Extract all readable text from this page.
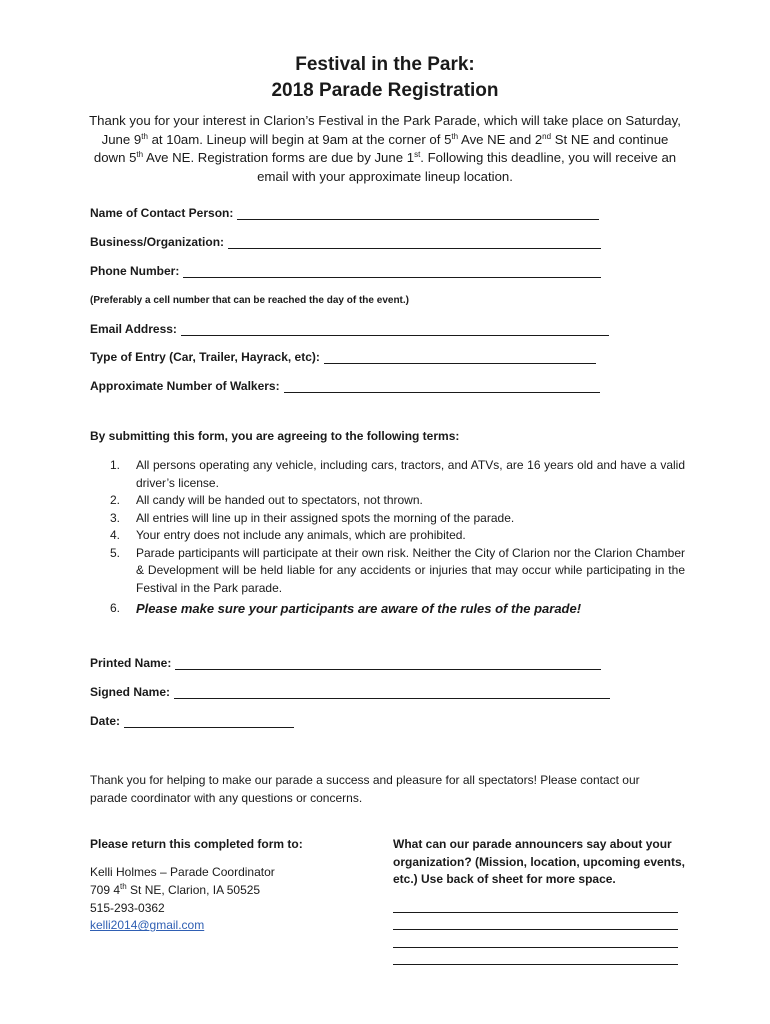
Festival in the Park:
2018 Parade Registration
Thank you for your interest in Clarion’s Festival in the Park Parade, which will take place on Saturday, June 9th at 10am. Lineup will begin at 9am at the corner of 5th Ave NE and 2nd St NE and continue down 5th Ave NE. Registration forms are due by June 1st. Following this deadline, you will receive an email with your approximate lineup location.
Name of Contact Person:
Business/Organization:
Phone Number:
(Preferably a cell number that can be reached the day of the event.)
Email Address:
Type of Entry (Car, Trailer, Hayrack, etc):
Approximate Number of Walkers:
By submitting this form, you are agreeing to the following terms:
1.	All persons operating any vehicle, including cars, tractors, and ATVs, are 16 years old and have a valid driver’s license.
2.	All candy will be handed out to spectators, not thrown.
3.	All entries will line up in their assigned spots the morning of the parade.
4.	Your entry does not include any animals, which are prohibited.
5.	Parade participants will participate at their own risk. Neither the City of Clarion nor the Clarion Chamber & Development will be held liable for any accidents or injuries that may occur while participating in the Festival in the Park parade.
6.	Please make sure your participants are aware of the rules of the parade!
Printed Name:
Signed Name:
Date:
Thank you for helping to make our parade a success and pleasure for all spectators! Please contact our parade coordinator with any questions or concerns.
Please return this completed form to:
Kelli Holmes – Parade Coordinator
709 4th St NE, Clarion, IA 50525
515-293-0362
kelli2014@gmail.com
What can our parade announcers say about your organization? (Mission, location, upcoming events, etc.) Use back of sheet for more space.
